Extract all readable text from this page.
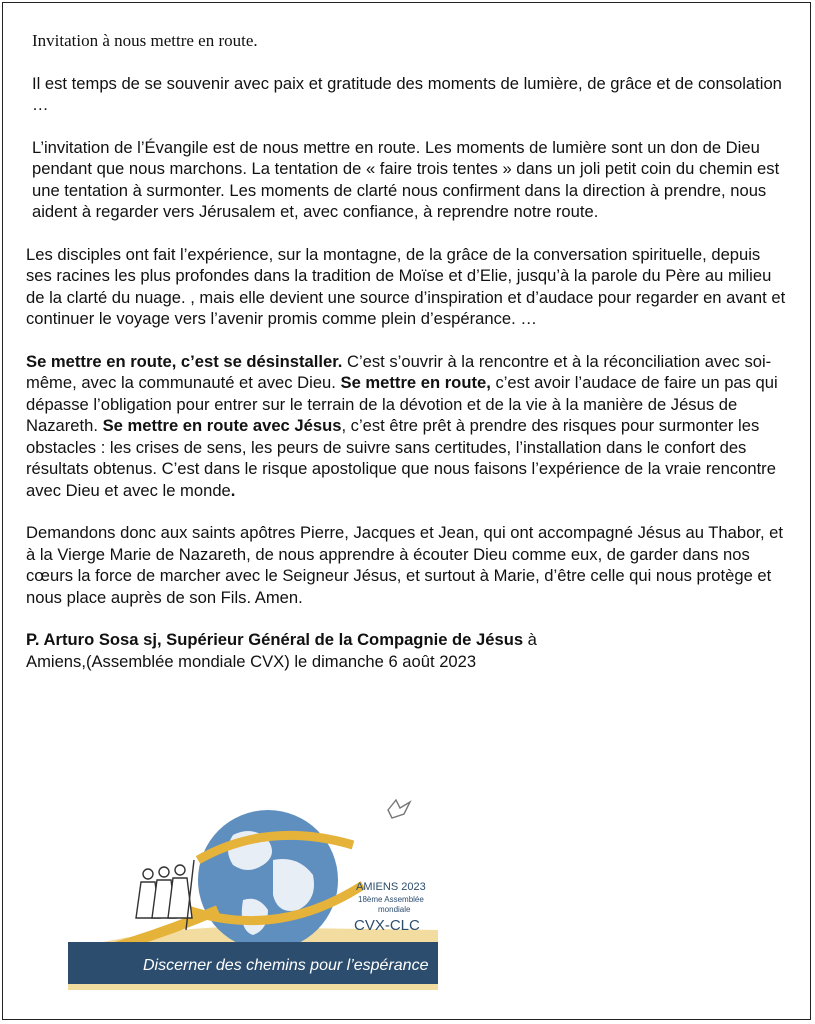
Invitation à nous mettre en route.

Il est temps de se souvenir avec paix et gratitude des moments de lumière, de grâce et de consolation …

L’invitation de l’Évangile est de nous mettre en route. Les moments de lumière sont un don de Dieu pendant que nous marchons. La tentation de « faire trois tentes » dans un joli petit coin du chemin est une tentation à surmonter. Les moments de clarté nous confirment dans la direction à prendre, nous aident à regarder vers Jérusalem et, avec confiance, à reprendre notre route.

Les disciples ont fait l’expérience, sur la montagne, de la grâce de la conversation spirituelle, depuis ses racines les plus profondes dans la tradition de Moïse et d’Elie, jusqu’à la parole du Père au milieu de la clarté du nuage. , mais elle devient une source d’inspiration et d’audace pour regarder en avant et continuer le voyage vers l’avenir promis comme plein d’espérance. …

Se mettre en route, c’est se désinstaller. C’est s’ouvrir à la rencontre et à la réconciliation avec soi-même, avec la communauté et avec Dieu. Se mettre en route, c’est avoir l’audace de faire un pas qui dépasse l’obligation pour entrer sur le terrain de la dévotion et de la vie à la manière de Jésus de Nazareth. Se mettre en route avec Jésus, c’est être prêt à prendre des risques pour surmonter les obstacles : les crises de sens, les peurs de suivre sans certitudes, l’installation dans le confort des résultats obtenus. C’est dans le risque apostolique que nous faisons l’expérience de la vraie rencontre avec Dieu et avec le monde.

Demandons donc aux saints apôtres Pierre, Jacques et Jean, qui ont accompagné Jésus au Thabor, et à la Vierge Marie de Nazareth, de nous apprendre à écouter Dieu comme eux, de garder dans nos cœurs la force de marcher avec le Seigneur Jésus, et surtout à Marie, d’être celle qui nous protège et nous place auprès de son Fils. Amen.

P. Arturo Sosa sj, Supérieur Général de la Compagnie de Jésus à
Amiens,(Assemblée mondiale CVX) le dimanche 6 août 2023

AMIENS 2023
18ème Assemblée
mondiale
CVX-CLC
Discerner des chemins pour l’espérance
